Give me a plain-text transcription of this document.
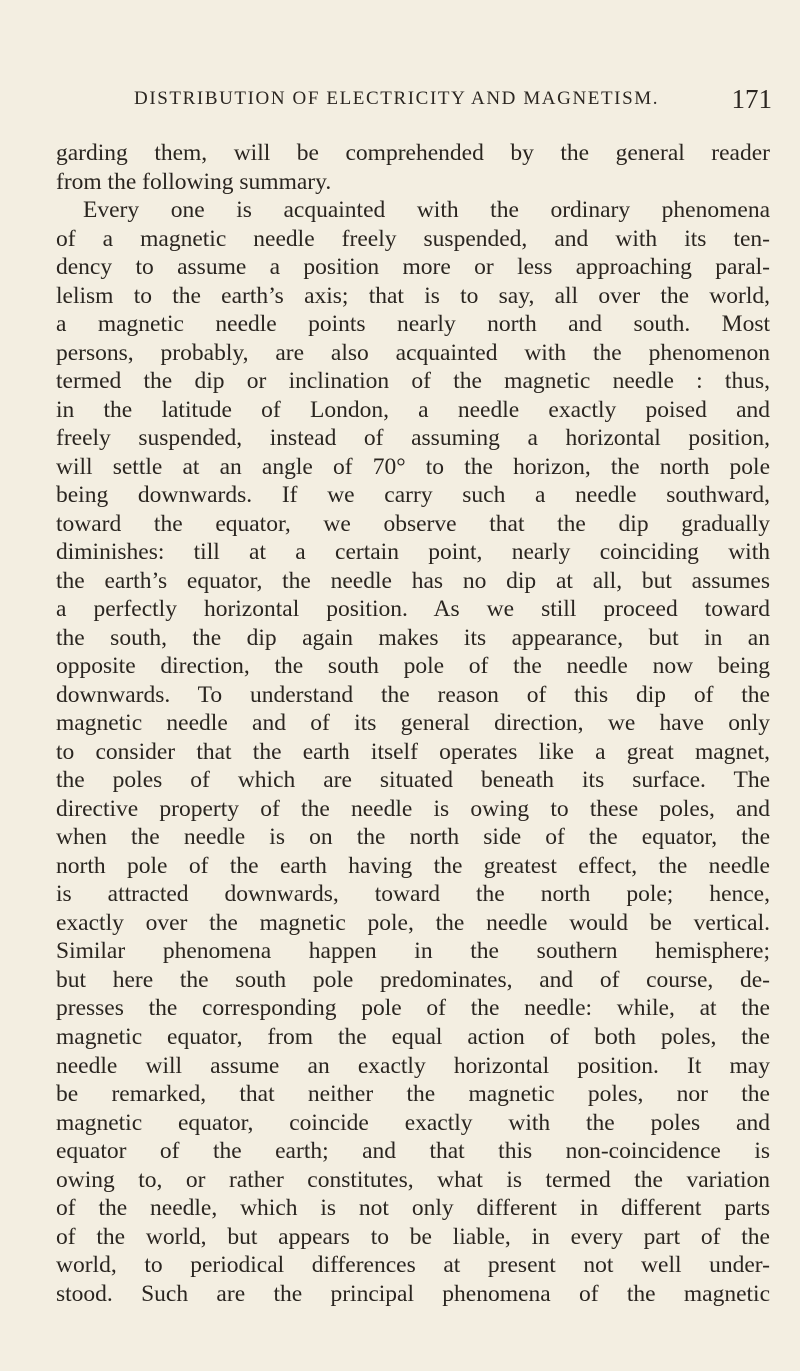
DISTRIBUTION OF ELECTRICITY AND MAGNETISM.	171
garding them, will be comprehended by the general reader
from the following summary.
Every one is acquainted with the ordinary phenomena
of a magnetic needle freely suspended, and with its ten-
dency to assume a position more or less approaching paral-
lelism to the earth’s axis; that is to say, all over the world,
a magnetic needle points nearly north and south. Most
persons, probably, are also acquainted with the phenomenon
termed the dip or inclination of the magnetic needle : thus,
in the latitude of London, a needle exactly poised and
freely suspended, instead of assuming a horizontal position,
will settle at an angle of 70° to the horizon, the north pole
being downwards. If we carry such a needle southward,
toward the equator, we observe that the dip gradually
diminishes: till at a certain point, nearly coinciding with
the earth’s equator, the needle has no dip at all, but assumes
a perfectly horizontal position. As we still proceed toward
the south, the dip again makes its appearance, but in an
opposite direction, the south pole of the needle now being
downwards. To understand the reason of this dip of the
magnetic needle and of its general direction, we have only
to consider that the earth itself operates like a great magnet,
the poles of which are situated beneath its surface. The
directive property of the needle is owing to these poles, and
when the needle is on the north side of the equator, the
north pole of the earth having the greatest effect, the needle
is attracted downwards, toward the north pole; hence,
exactly over the magnetic pole, the needle would be vertical.
Similar phenomena happen in the southern hemisphere;
but here the south pole predominates, and of course, de-
presses the corresponding pole of the needle: while, at the
magnetic equator, from the equal action of both poles, the
needle will assume an exactly horizontal position. It may
be remarked, that neither the magnetic poles, nor the
magnetic equator, coincide exactly with the poles and
equator of the earth; and that this non-coincidence is
owing to, or rather constitutes, what is termed the variation
of the needle, which is not only different in different parts
of the world, but appears to be liable, in every part of the
world, to periodical differences at present not well under-
stood. Such are the principal phenomena of the magnetic
